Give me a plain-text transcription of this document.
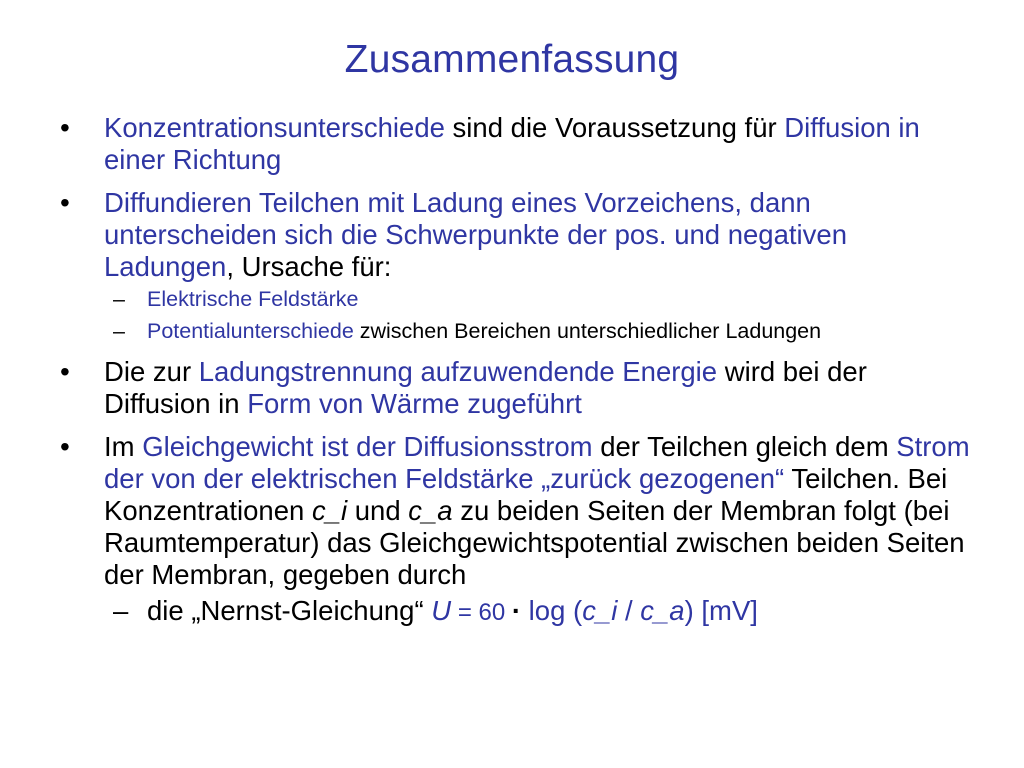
Zusammenfassung
• Konzentrationsunterschiede sind die Voraussetzung für Diffusion in einer Richtung
• Diffundieren Teilchen mit Ladung eines Vorzeichens, dann unterscheiden sich die Schwerpunkte der pos. und negativen Ladungen, Ursache für:
– Elektrische Feldstärke
– Potentialunterschiede zwischen Bereichen unterschiedlicher Ladungen
• Die zur Ladungstrennung aufzuwendende Energie wird bei der Diffusion in Form von Wärme zugeführt
• Im Gleichgewicht ist der Diffusionsstrom der Teilchen gleich dem Strom der von der elektrischen Feldstärke „zurück gezogenen“ Teilchen. Bei Konzentrationen c_i und c_a zu beiden Seiten der Membran folgt (bei Raumtemperatur) das Gleichgewichtspotential zwischen beiden Seiten der Membran, gegeben durch
– die „Nernst-Gleichung“ U = 60 · log (c_i / c_a) [mV]
